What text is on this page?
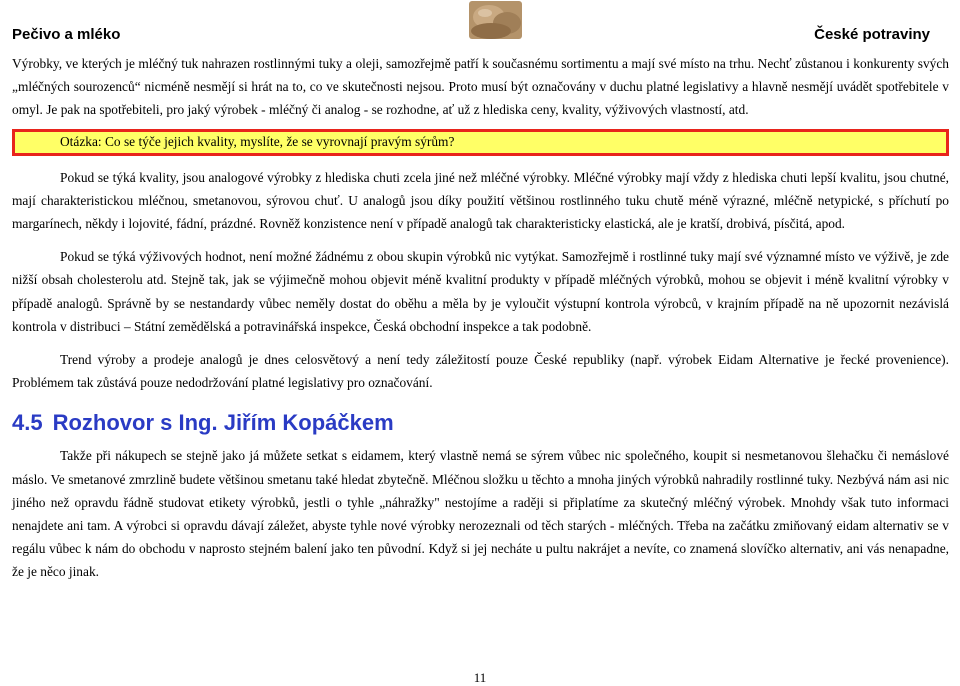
Pečivo a mléko	České potraviny

Výrobky, ve kterých je mléčný tuk nahrazen rostlinnými tuky a oleji, samozřejmě patří k současnému sortimentu a mají své místo na trhu. Nechť zůstanou i konkurenty svých „mléčných sourozenců“ nicméně nesmějí si hrát na to, co ve skutečnosti nejsou. Proto musí být označovány v duchu platné legislativy a hlavně nesmějí uvádět spotřebitele v omyl. Je pak na spotřebiteli, pro jaký výrobek - mléčný či analog - se rozhodne, ať už z hlediska ceny, kvality, výživových vlastností, atd.

Otázka: Co se týče jejich kvality, myslíte, že se vyrovnají pravým sýrům?

Pokud se týká kvality, jsou analogové výrobky z hlediska chuti zcela jiné než mléčné výrobky. Mléčné výrobky mají vždy z hlediska chuti lepší kvalitu, jsou chutné, mají charakteristickou mléčnou, smetanovou, sýrovou chuť. U analogů jsou díky použití většinou rostlinného tuku chutě méně výrazné, mléčně netypické, s příchutí po margarínech, někdy i lojovité, fádní, prázdné. Rovněž konzistence není v případě analogů tak charakteristicky elastická, ale je kratší, drobivá, písčitá, apod.

Pokud se týká výživových hodnot, není možné žádnému z obou skupin výrobků nic vytýkat. Samozřejmě i rostlinné tuky mají své významné místo ve výživě, je zde nižší obsah cholesterolu atd. Stejně tak, jak se výjimečně mohou objevit méně kvalitní produkty v případě mléčných výrobků, mohou se objevit i méně kvalitní výrobky v případě analogů. Správně by se nestandardy vůbec neměly dostat do oběhu a měla by je vyloučit výstupní kontrola výrobců, v krajním případě na ně upozornit nezávislá kontrola v distribuci – Státní zemědělská a potravinářská inspekce, Česká obchodní inspekce a tak podobně.

Trend výroby a prodeje analogů je dnes celosvětový a není tedy záležitostí pouze České republiky (např. výrobek Eidam Alternative je řecké provenience). Problémem tak zůstává pouze nedodržování platné legislativy pro označování.

4.5 Rozhovor s Ing. Jiřím Kopáčkem

Takže při nákupech se stejně jako já můžete setkat s eidamem, který vlastně nemá se sýrem vůbec nic společného, koupit si nesmetanovou šlehačku či nemáslové máslo. Ve smetanové zmrzlině budete většinou smetanu také hledat zbytečně. Mléčnou složku u těchto a mnoha jiných výrobků nahradily rostlinné tuky. Nezbývá nám asi nic jiného než opravdu řádně studovat etikety výrobků, jestli o tyhle „náhražky" nestojíme a raději si připlatíme za skutečný mléčný výrobek. Mnohdy však tuto informaci nenajdete ani tam. A výrobci si opravdu dávají záležet, abyste tyhle nové výrobky nerozeznali od těch starých - mléčných. Třeba na začátku zmiňovaný eidam alternativ se v regálu vůbec k nám do obchodu v naprosto stejném balení jako ten původní. Když si jej necháte u pultu nakrájet a nevíte, co znamená slovíčko alternativ, ani vás nenapadne, že je něco jinak.

11
